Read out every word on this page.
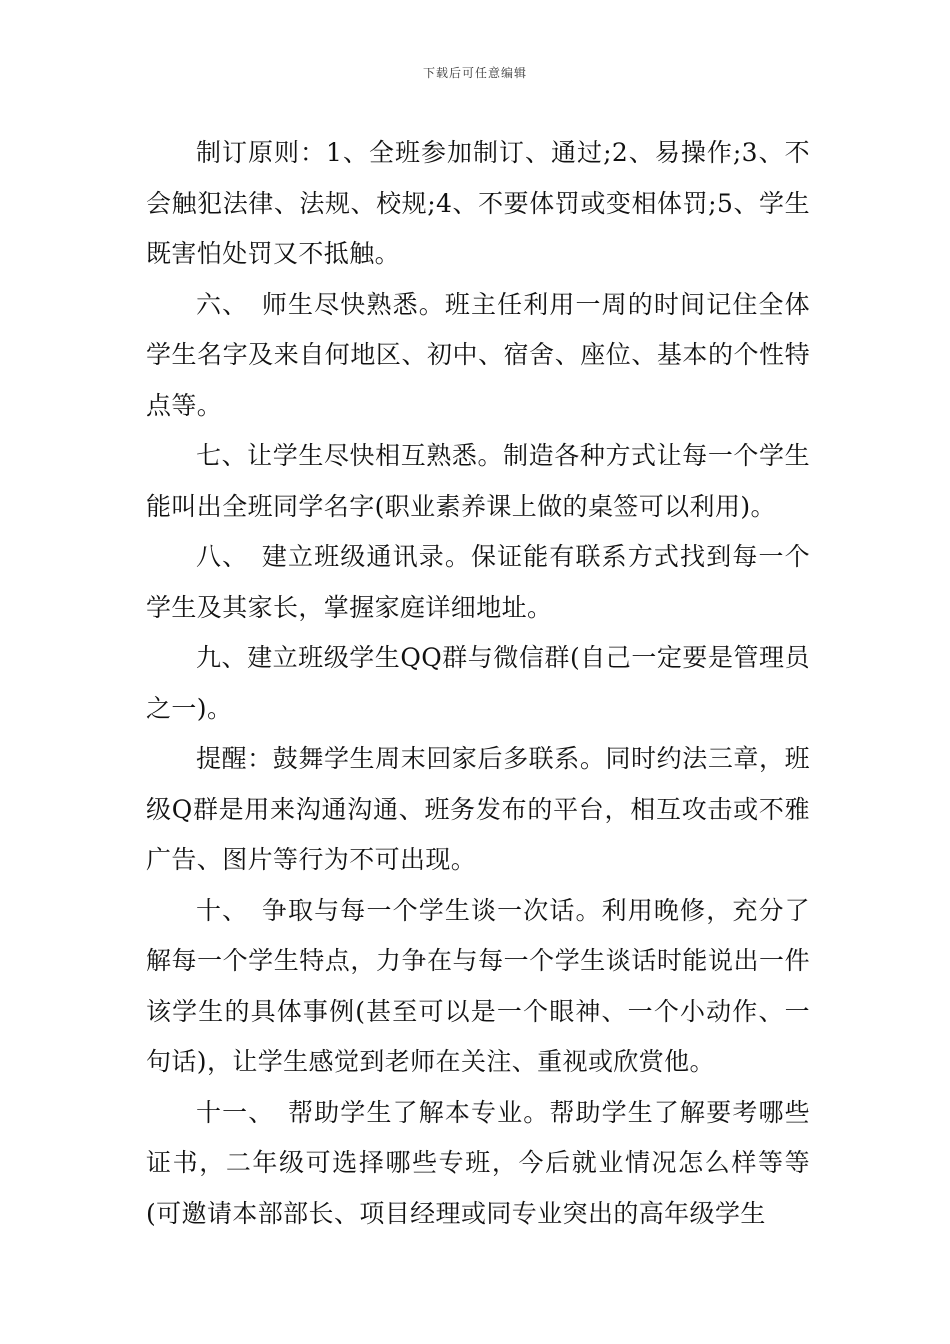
下载后可任意编辑

制订原则：1、全班参加制订、通过;2、易操作;3、不会触犯法律、法规、校规;4、不要体罚或变相体罚;5、学生既害怕处罚又不抵触。

六、　师生尽快熟悉。班主任利用一周的时间记住全体学生名字及来自何地区、初中、宿舍、座位、基本的个性特点等。

七、让学生尽快相互熟悉。制造各种方式让每一个学生能叫出全班同学名字(职业素养课上做的桌签可以利用)。

八、　建立班级通讯录。保证能有联系方式找到每一个学生及其家长，掌握家庭详细地址。

九、建立班级学生QQ群与微信群(自己一定要是管理员之一)。

提醒：鼓舞学生周末回家后多联系。同时约法三章，班级Q群是用来沟通沟通、班务发布的平台，相互攻击或不雅广告、图片等行为不可出现。

十、　争取与每一个学生谈一次话。利用晚修，充分了解每一个学生特点，力争在与每一个学生谈话时能说出一件该学生的具体事例(甚至可以是一个眼神、一个小动作、一句话)，让学生感觉到老师在关注、重视或欣赏他。

十一、　帮助学生了解本专业。帮助学生了解要考哪些证书，二年级可选择哪些专班，今后就业情况怎么样等等(可邀请本部部长、项目经理或同专业突出的高年级学生
